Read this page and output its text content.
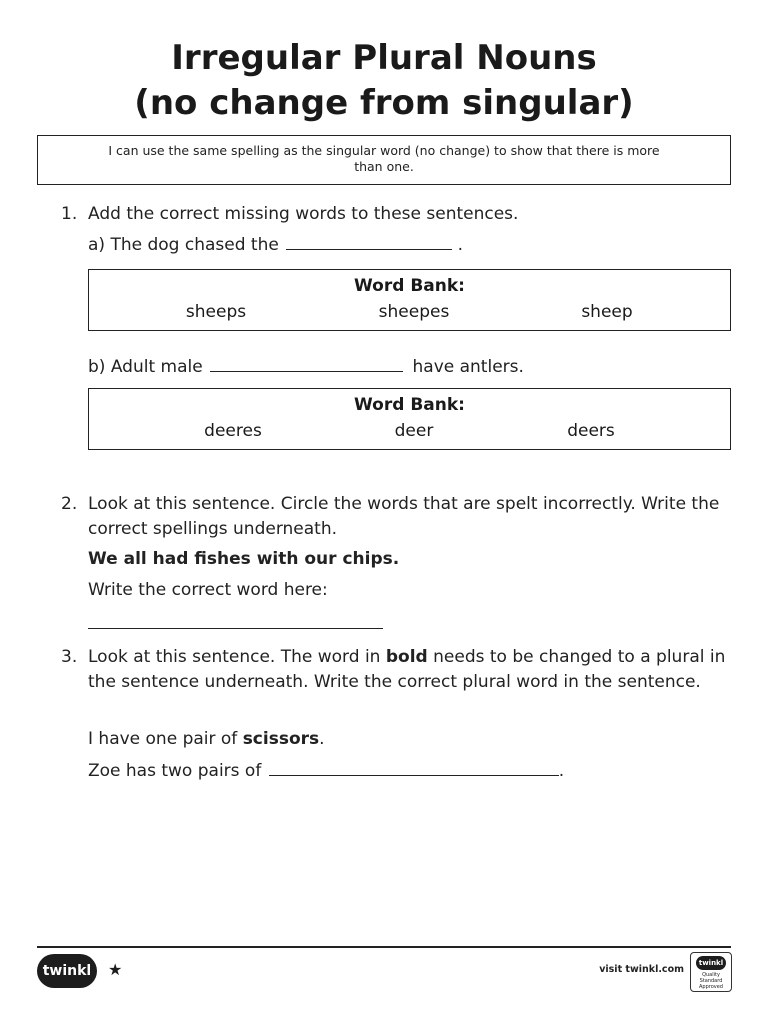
Irregular Plural Nouns
(no change from singular)
I can use the same spelling as the singular word (no change) to show that there is more than one.
1. Add the correct missing words to these sentences.
a) The dog chased the	.
Word Bank:
sheeps	sheepes	sheep
b) Adult male	have antlers.
Word Bank:
deeres	deer	deers
2. Look at this sentence. Circle the words that are spelt incorrectly. Write the correct spellings underneath.
We all had fishes with our chips.
Write the correct word here:
3. Look at this sentence. The word in bold needs to be changed to a plural in the sentence underneath. Write the correct plural word in the sentence.
I have one pair of scissors.
Zoe has two pairs of	.
twinkl	★	visit twinkl.com
twinkl
Quality Standard Approved
